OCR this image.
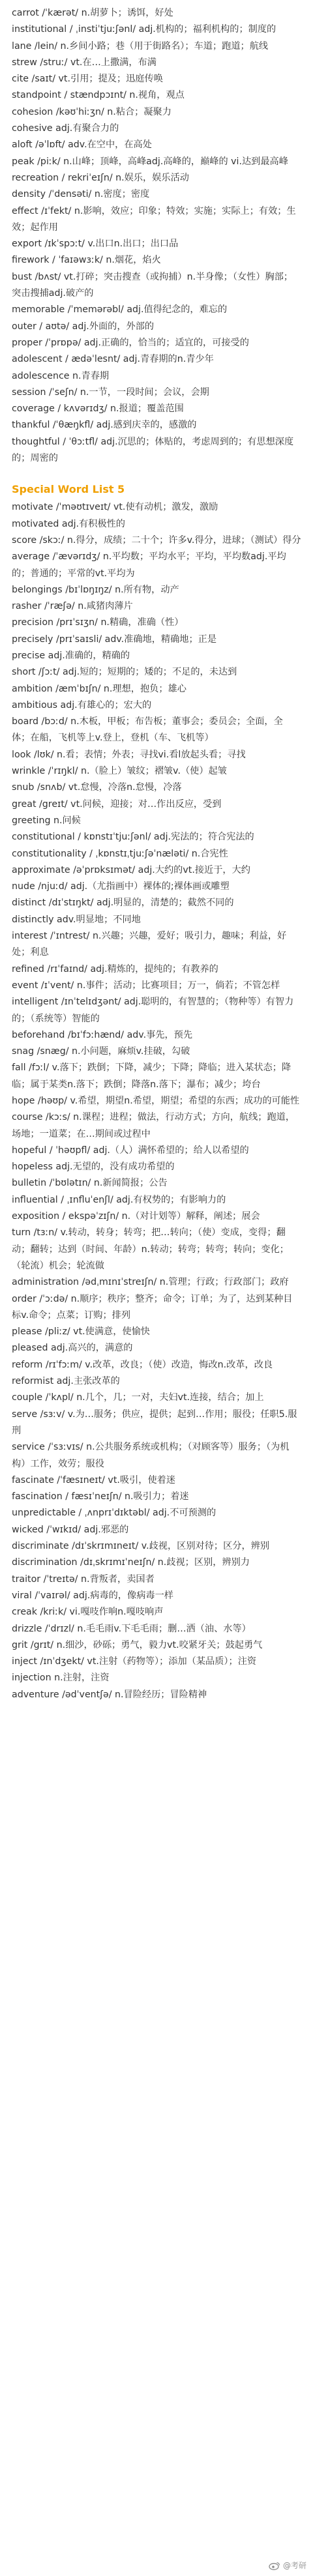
carrot /ˈkærət/ n.胡萝卜；诱饵，好处
institutional / ˌinstiˈtjuːʃənl/ adj.机构的；福利机构的；制度的
lane /lein/ n.乡间小路；巷（用于街路名）；车道；跑道；航线
strew /struː/ vt.在…上撒满，布满
cite /saɪt/ vt.引用；提及；迅庭传唤
standpoint / stændpɔɪnt/ n.视角，观点
cohesion /kəʊˈhiːʒn/ n.粘合；凝聚力
cohesive adj.有聚合力的
aloft /əˈlɒft/ adv.在空中，在高处
peak /piːk/ n.山峰；顶峰，高峰adj.高峰的，巅峰的 vi.达到最高峰
recreation / rekriˈeɪʃn/ n.娱乐，娱乐活动
density /ˈdensəti/ n.密度；密度
effect /ɪˈfekt/ n.影响，效应；印象；特效；实施；实际上；有效；生效；起作用
export /ɪkˈspɔːt/ v.出口n.出口；出口品
firework / ˈfaɪəwɜːk/ n.烟花，焰火
bust /bʌst/ vt.打碎；突击搜查（或拘捕）n.半身像；（女性）胸部；突击搜捕adj.破产的
memorable /ˈmemərəbl/ adj.值得纪念的，难忘的
outer / aʊtə/ adj.外面的，外部的
proper /ˈprɒpə/ adj.正确的，恰当的；适宜的，可接受的
adolescent / ædəˈlesnt/ adj.青春期的n.青少年
adolescence n.青春期
session /ˈseʃn/ n.一节，一段时间；会议，会期
coverage / kʌvərɪdʒ/ n.报道；覆盖范围
thankful /ˈθæŋkfl/ adj.感到庆幸的，感激的
thoughtful / ˈθɔːtfl/ adj.沉思的；体贴的，考虑周到的；有思想深度的；周密的
Special Word List 5
motivate /ˈməʊtɪveɪt/ vt.使有动机；激发，激励
motivated adj.有积极性的
score /skɔː/ n.得分，成绩；二十个；许多v.得分，进球；（测试）得分
average /ˈævərɪdʒ/ n.平均数；平均水平；平均，平均数adj.平均的；普通的；平常的vt.平均为
belongings /bɪˈlɒŋɪŋz/ n.所有物，动产
rasher /ˈræʃə/ n.咸猪肉薄片
precision /prɪˈsɪʒn/ n.精确，准确（性）
precisely /prɪˈsaɪsli/ adv.准确地，精确地；正是
precise adj.准确的，精确的
short /ʃɔːt/ adj.短的；短期的；矮的；不足的，未达到
ambition /æmˈbɪʃn/ n.理想，抱负；雄心
ambitious adj.有雄心的；宏大的
board /bɔːd/ n.木板，甲板；布告板；董事会；委员会；全面，全体；在船，飞机等上v.登上，登机（车、飞机等）
look /lʊk/ n.看；表情；外表；寻找vi.看l放起头看；寻找
wrinkle /ˈrɪŋkl/ n.（脸上）皱纹；褶皱v.（使）起皱
snub /snʌb/ vt.怠慢，冷落n.怠慢，冷落
great /greɪt/ vt.问候，迎接；对…作出反应，受到
greeting n.问候
constitutional / kɒnstɪˈtjuːʃənl/ adj.宪法的；符合宪法的
constitutionality / ˌkɒnstɪˌtjuːʃəˈnæləti/ n.合宪性
approximate /əˈprɒksɪmət/ adj.大约的vt.接近于，大约
nude /njuːd/ adj.（尤指画中）裸体的;裸体画或雕塑
distinct /dɪˈstɪŋkt/ adj.明显的，清楚的；截然不同的
distinctly adv.明显地；不同地
interest /ˈɪntrest/ n.兴趣；兴趣，爱好；吸引力，趣味；利益，好处；利息
refined /rɪˈfaɪnd/ adj.精炼的，提纯的；有教养的
event /ɪˈvent/ n.事件；活动；比赛项目；万一，倘若；不管怎样
intelligent /ɪnˈtelɪdʒənt/ adj.聪明的，有智慧的；（物种等）有智力的；（系统等）智能的
beforehand /bɪˈfɔːhænd/ adv.事先，预先
snag /snæg/ n.小问题，麻烦v.挂破，勾破
fall /fɔːl/ v.落下；跌倒；下降，减少；下降；降临；进入某状态；降临；属于某类n.落下；跌倒；降落n.落下；瀑布；减少；垮台
hope /həʊp/ v.希望，期望n.希望，期望；希望的东西；成功的可能性
course /kɔːs/ n.课程；进程；做法，行动方式；方向，航线；跑道，场地；一道菜；在…期间或过程中
hopeful / ˈhəʊpfl/ adj.（人）满怀希望的；给人以希望的
hopeless adj.无望的，没有成功希望的
bulletin /ˈbʊlətɪn/ n.新闻简报；公告
influential / ˌɪnfluˈenʃl/ adj.有权势的；有影响力的
exposition / ekspəˈzɪʃn/ n.（对计划等）解释，阐述；展会
turn /tɜːn/ v.转动，转身；转弯；把…转向；（使）变成，变得；翻动；翻转；达到（时间、年龄）n.转动；转弯；转弯；转向；变化；（轮流）机会；轮流做
administration /ədˌmɪnɪˈstreɪʃn/ n.管理；行政；行政部门；政府
order /ˈɔːdə/ n.顺序；秩序；整齐；命令；订单；为了，达到某种目标v.命令；点菜；订购；排列
please /pliːz/ vt.使满意，使愉快
pleased adj.高兴的，满意的
reform /rɪˈfɔːm/ v.改革，改良；（使）改造，悔改n.改革，改良
reformist adj.主张改革的
couple /ˈkʌpl/ n.几个，几；一对，夫妇vt.连接，结合；加上
serve /sɜːv/ v.为…服务；供应，提供；起到…作用；服役；任职5.服刑
service /ˈsɜːvɪs/ n.公共服务系统或机构；（对顾客等）服务；（为机构）工作，效劳；服役
fascinate /ˈfæsɪneɪt/ vt.吸引，使着迷
fascination / fæsɪˈneɪʃn/ n.吸引力；着迷
unpredictable / ˌʌnprɪˈdɪktəbl/ adj.不可预测的
wicked /ˈwɪkɪd/ adj.邪恶的
discriminate /dɪˈskrɪmɪneɪt/ v.歧视，区别对待；区分，辨别
discrimination /dɪˌskrɪmɪˈneɪʃn/ n.歧视；区别，辨别力
traitor /ˈtreɪtə/ n.背叛者，卖国者
viral /ˈvaɪrəl/ adj.病毒的，像病毒一样
creak /kriːk/ vi.嘎吱作响n.嘎吱响声
drizzle /ˈdrɪzl/ n.毛毛雨v.下毛毛雨；删…洒（油、水等）
grit /grɪt/ n.细沙，砂砾；勇气，毅力vt.咬紧牙关；鼓起勇气
inject /ɪnˈdʒekt/ vt.注射（药物等）；添加（某品质）；注资
injection n.注射，注资
adventure /ədˈventʃə/ n.冒险经历；冒险精神
@考研
